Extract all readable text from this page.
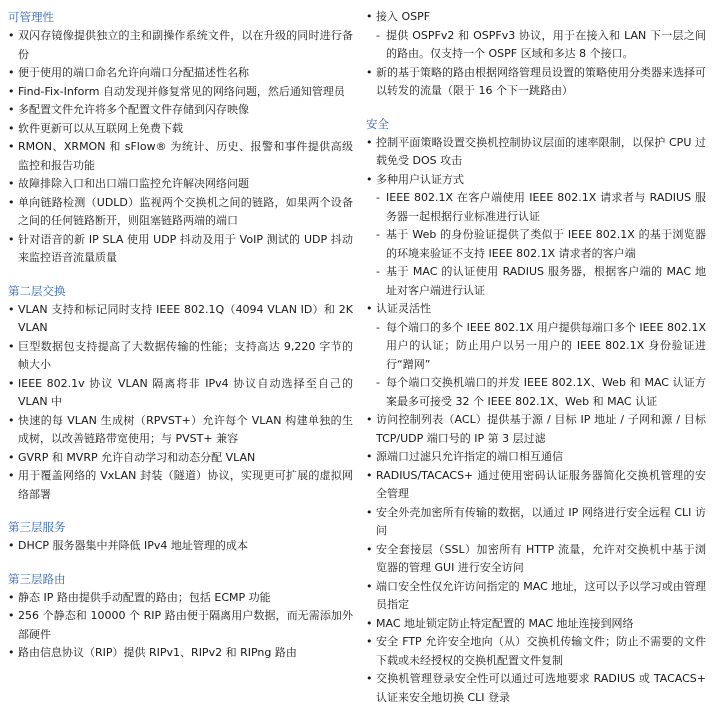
可管理性
• 双闪存镜像提供独立的主和副操作系统文件，以在升级的同时进行备份
• 便于使用的端口命名允许向端口分配描述性名称
• Find-Fix-Inform 自动发现并修复常见的网络问题，然后通知管理员
• 多配置文件允许将多个配置文件存储到闪存映像
• 软件更新可以从互联网上免费下载
• RMON、XRMON 和 sFlow® 为统计、历史、报警和事件提供高级监控和报告功能
• 故障排除入口和出口端口监控允许解决网络问题
• 单向链路检测（UDLD）监视两个交换机之间的链路，如果两个设备之间的任何链路断开，则阻塞链路两端的端口
• 针对语音的新 IP SLA 使用 UDP 抖动及用于 VoIP 测试的 UDP 抖动来监控语音流量质量
第二层交换
• VLAN 支持和标记同时支持 IEEE 802.1Q（4094 VLAN ID）和 2K VLAN
• 巨型数据包支持提高了大数据传输的性能；支持高达 9,220 字节的帧大小
• IEEE 802.1v 协议 VLAN 隔离将非 IPv4 协议自动选择至自己的 VLAN 中
• 快速的每 VLAN 生成树（RPVST+）允许每个 VLAN 构建单独的生成树，以改善链路带宽使用；与 PVST+ 兼容
• GVRP 和 MVRP 允许自动学习和动态分配 VLAN
• 用于覆盖网络的 VxLAN 封装（隧道）协议，实现更可扩展的虚拟网络部署
第三层服务
• DHCP 服务器集中并降低 IPv4 地址管理的成本
第三层路由
• 静态 IP 路由提供手动配置的路由；包括 ECMP 功能
• 256 个静态和 10000 个 RIP 路由便于隔离用户数据，而无需添加外部硬件
• 路由信息协议（RIP）提供 RIPv1、RIPv2 和 RIPng 路由
• 接入 OSPF
- 提供 OSPFv2 和 OSPFv3 协议，用于在接入和 LAN 下一层之间的路由。仅支持一个 OSPF 区域和多达 8 个接口。
• 新的基于策略的路由根据网络管理员设置的策略使用分类器来选择可以转发的流量（限于 16 个下一跳路由）
安全
• 控制平面策略设置交换机控制协议层面的速率限制，以保护 CPU 过载免受 DOS 攻击
• 多种用户认证方式
- IEEE 802.1X 在客户端使用 IEEE 802.1X 请求者与 RADIUS 服务器一起根据行业标准进行认证
- 基于 Web 的身份验证提供了类似于 IEEE 802.1X 的基于浏览器的环境来验证不支持 IEEE 802.1X 请求者的客户端
- 基于 MAC 的认证使用 RADIUS 服务器，根据客户端的 MAC 地址对客户端进行认证
• 认证灵活性
- 每个端口的多个 IEEE 802.1X 用户提供每端口多个 IEEE 802.1X 用户的认证；防止用户以另一用户的 IEEE 802.1X 身份验证进行“蹭网”
- 每个端口交换机端口的并发 IEEE 802.1X、Web 和 MAC 认证方案最多可接受 32 个 IEEE 802.1X、Web 和 MAC 认证
• 访问控制列表（ACL）提供基于源 / 目标 IP 地址 / 子网和源 / 目标 TCP/UDP 端口号的 IP 第 3 层过滤
• 源端口过滤只允许指定的端口相互通信
• RADIUS/TACACS+ 通过使用密码认证服务器简化交换机管理的安全管理
• 安全外壳加密所有传输的数据，以通过 IP 网络进行安全远程 CLI 访问
• 安全套接层（SSL）加密所有 HTTP 流量，允许对交换机中基于浏览器的管理 GUI 进行安全访问
• 端口安全性仅允许访问指定的 MAC 地址，这可以予以学习或由管理员指定
• MAC 地址锁定防止特定配置的 MAC 地址连接到网络
• 安全 FTP 允许安全地向（从）交换机传输文件；防止不需要的文件下载或未经授权的交换机配置文件复制
• 交换机管理登录安全性可以通过可选地要求 RADIUS 或 TACACS+ 认证来安全地切换 CLI 登录
